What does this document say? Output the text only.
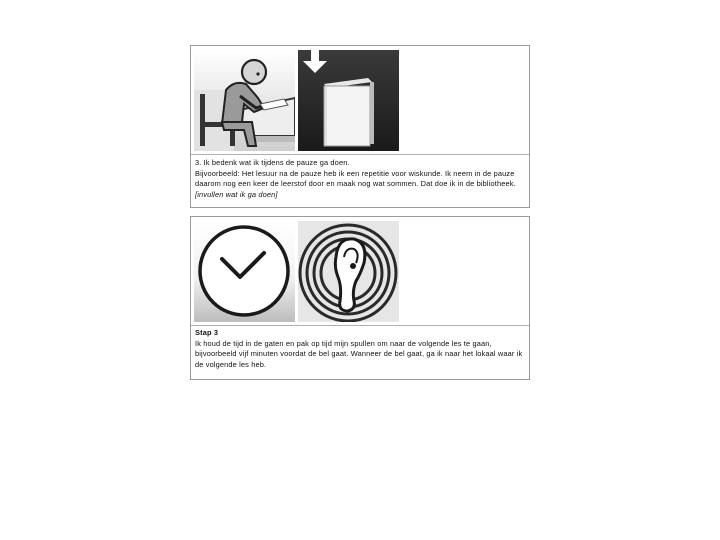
3. Ik bedenk wat ik tijdens de pauze ga doen.

Bijvoorbeeld: Het lesuur na de pauze heb ik een repetitie voor wiskunde. Ik neem in de pauze daarom nog een keer de leerstof door en maak nog wat sommen. Dat doe ik in de bibliotheek.

[invullen wat ik ga doen]

Stap 3

Ik houd de tijd in de gaten en pak op tijd mijn spullen om naar de volgende les te gaan, bijvoorbeeld vijf minuten voordat de bel gaat. Wanneer de bel gaat, ga ik naar het lokaal waar ik de volgende les heb.
